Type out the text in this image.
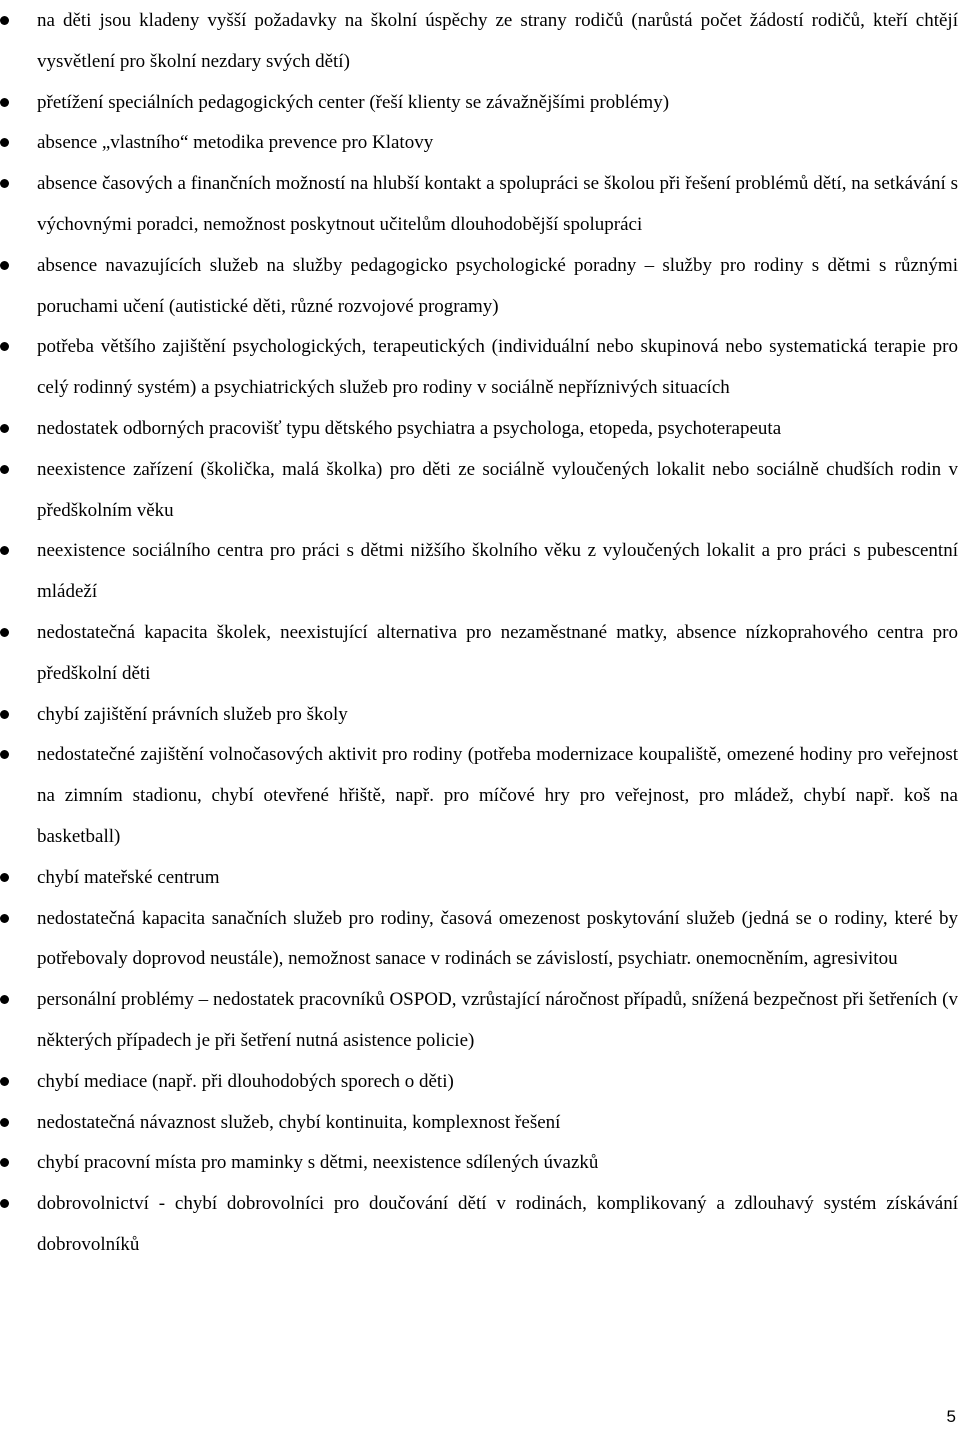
na děti jsou kladeny vyšší požadavky na školní úspěchy ze strany rodičů (narůstá počet žádostí rodičů, kteří chtějí vysvětlení pro školní nezdary svých dětí)
přetížení speciálních pedagogických center (řeší klienty se závažnějšími problémy)
absence „vlastního“ metodika prevence pro Klatovy
absence časových a finančních možností na hlubší kontakt a spolupráci se školou při řešení problémů dětí, na setkávání s výchovnými poradci, nemožnost poskytnout učitelům dlouhodobější spolupráci
absence navazujících služeb na služby pedagogicko psychologické poradny – služby pro rodiny s dětmi s různými poruchami učení (autistické děti, různé rozvojové programy)
potřeba většího zajištění psychologických, terapeutických (individuální nebo skupinová nebo systematická terapie pro celý rodinný systém) a psychiatrických služeb pro rodiny v sociálně nepříznivých situacích
nedostatek odborných pracovišť typu dětského psychiatra a psychologa, etopeda, psychoterapeuta
neexistence zařízení (školička, malá školka) pro děti ze sociálně vyloučených lokalit nebo sociálně chudších rodin v předškolním věku
neexistence sociálního centra pro práci s dětmi nižšího školního věku z vyloučených lokalit a pro práci s pubescentní mládeží
nedostatečná kapacita školek, neexistující alternativa pro nezaměstnané matky, absence nízkoprahového centra pro předškolní děti
chybí zajištění právních služeb pro školy
nedostatečné zajištění volnočasových aktivit pro rodiny (potřeba modernizace koupaliště, omezené hodiny pro veřejnost na zimním stadionu, chybí otevřené hřiště, např. pro míčové hry pro veřejnost, pro mládež, chybí např. koš na basketball)
chybí mateřské centrum
nedostatečná kapacita sanačních služeb pro rodiny, časová omezenost poskytování služeb (jedná se o rodiny, které by potřebovaly doprovod neustále), nemožnost sanace v rodinách se závislostí, psychiatr. onemocněním, agresivitou
personální problémy – nedostatek pracovníků OSPOD, vzrůstající náročnost případů, snížená bezpečnost při šetřeních (v některých případech je při šetření nutná asistence policie)
chybí mediace (např. při dlouhodobých sporech o děti)
nedostatečná návaznost služeb, chybí kontinuita, komplexnost řešení
chybí pracovní místa pro maminky s dětmi, neexistence sdílených úvazků
dobrovolnictví - chybí dobrovolníci pro doučování dětí v rodinách, komplikovaný a zdlouhavý systém získávání dobrovolníků
5
